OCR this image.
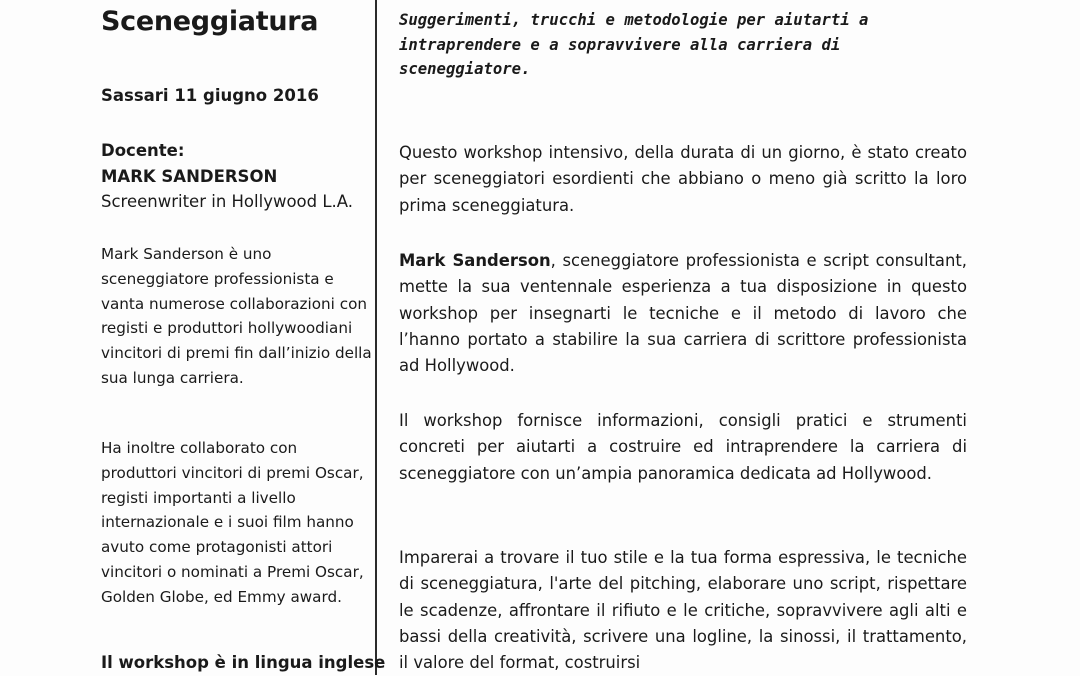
Sceneggiatura
Sassari 11 giugno 2016
Docente:
MARK SANDERSON
Screenwriter in Hollywood L.A.

Mark Sanderson è uno sceneggiatore professionista e vanta numerose collaborazioni con registi e produttori hollywoodiani vincitori di premi fin dall’inizio della sua lunga carriera.

Ha inoltre collaborato con produttori vincitori di premi Oscar, registi importanti a livello internazionale e i suoi film hanno avuto come protagonisti attori vincitori o nominati a Premi Oscar, Golden Globe, ed Emmy award.

Il workshop è in lingua inglese

Suggerimenti, trucchi e metodologie per aiutarti a intraprendere e a sopravvivere alla carriera di sceneggiatore.

Questo workshop intensivo, della durata di un giorno, è stato creato per sceneggiatori esordienti che abbiano o meno già scritto la loro prima sceneggiatura.

Mark Sanderson, sceneggiatore professionista e script consultant, mette la sua ventennale esperienza a tua disposizione in questo workshop per insegnarti le tecniche e il metodo di lavoro che l’hanno portato a stabilire la sua carriera di scrittore professionista ad Hollywood.

Il workshop fornisce informazioni, consigli pratici e strumenti concreti per aiutarti a costruire ed intraprendere la carriera di sceneggiatore con un’ampia panoramica dedicata ad Hollywood.

Imparerai a trovare il tuo stile e la tua forma espressiva, le tecniche di sceneggiatura, l'arte del pitching, elaborare uno script, rispettare le scadenze, affrontare il rifiuto e le critiche, sopravvivere agli alti e bassi della creatività, scrivere una logline, la sinossi, il trattamento, il valore del format, costruirsi
